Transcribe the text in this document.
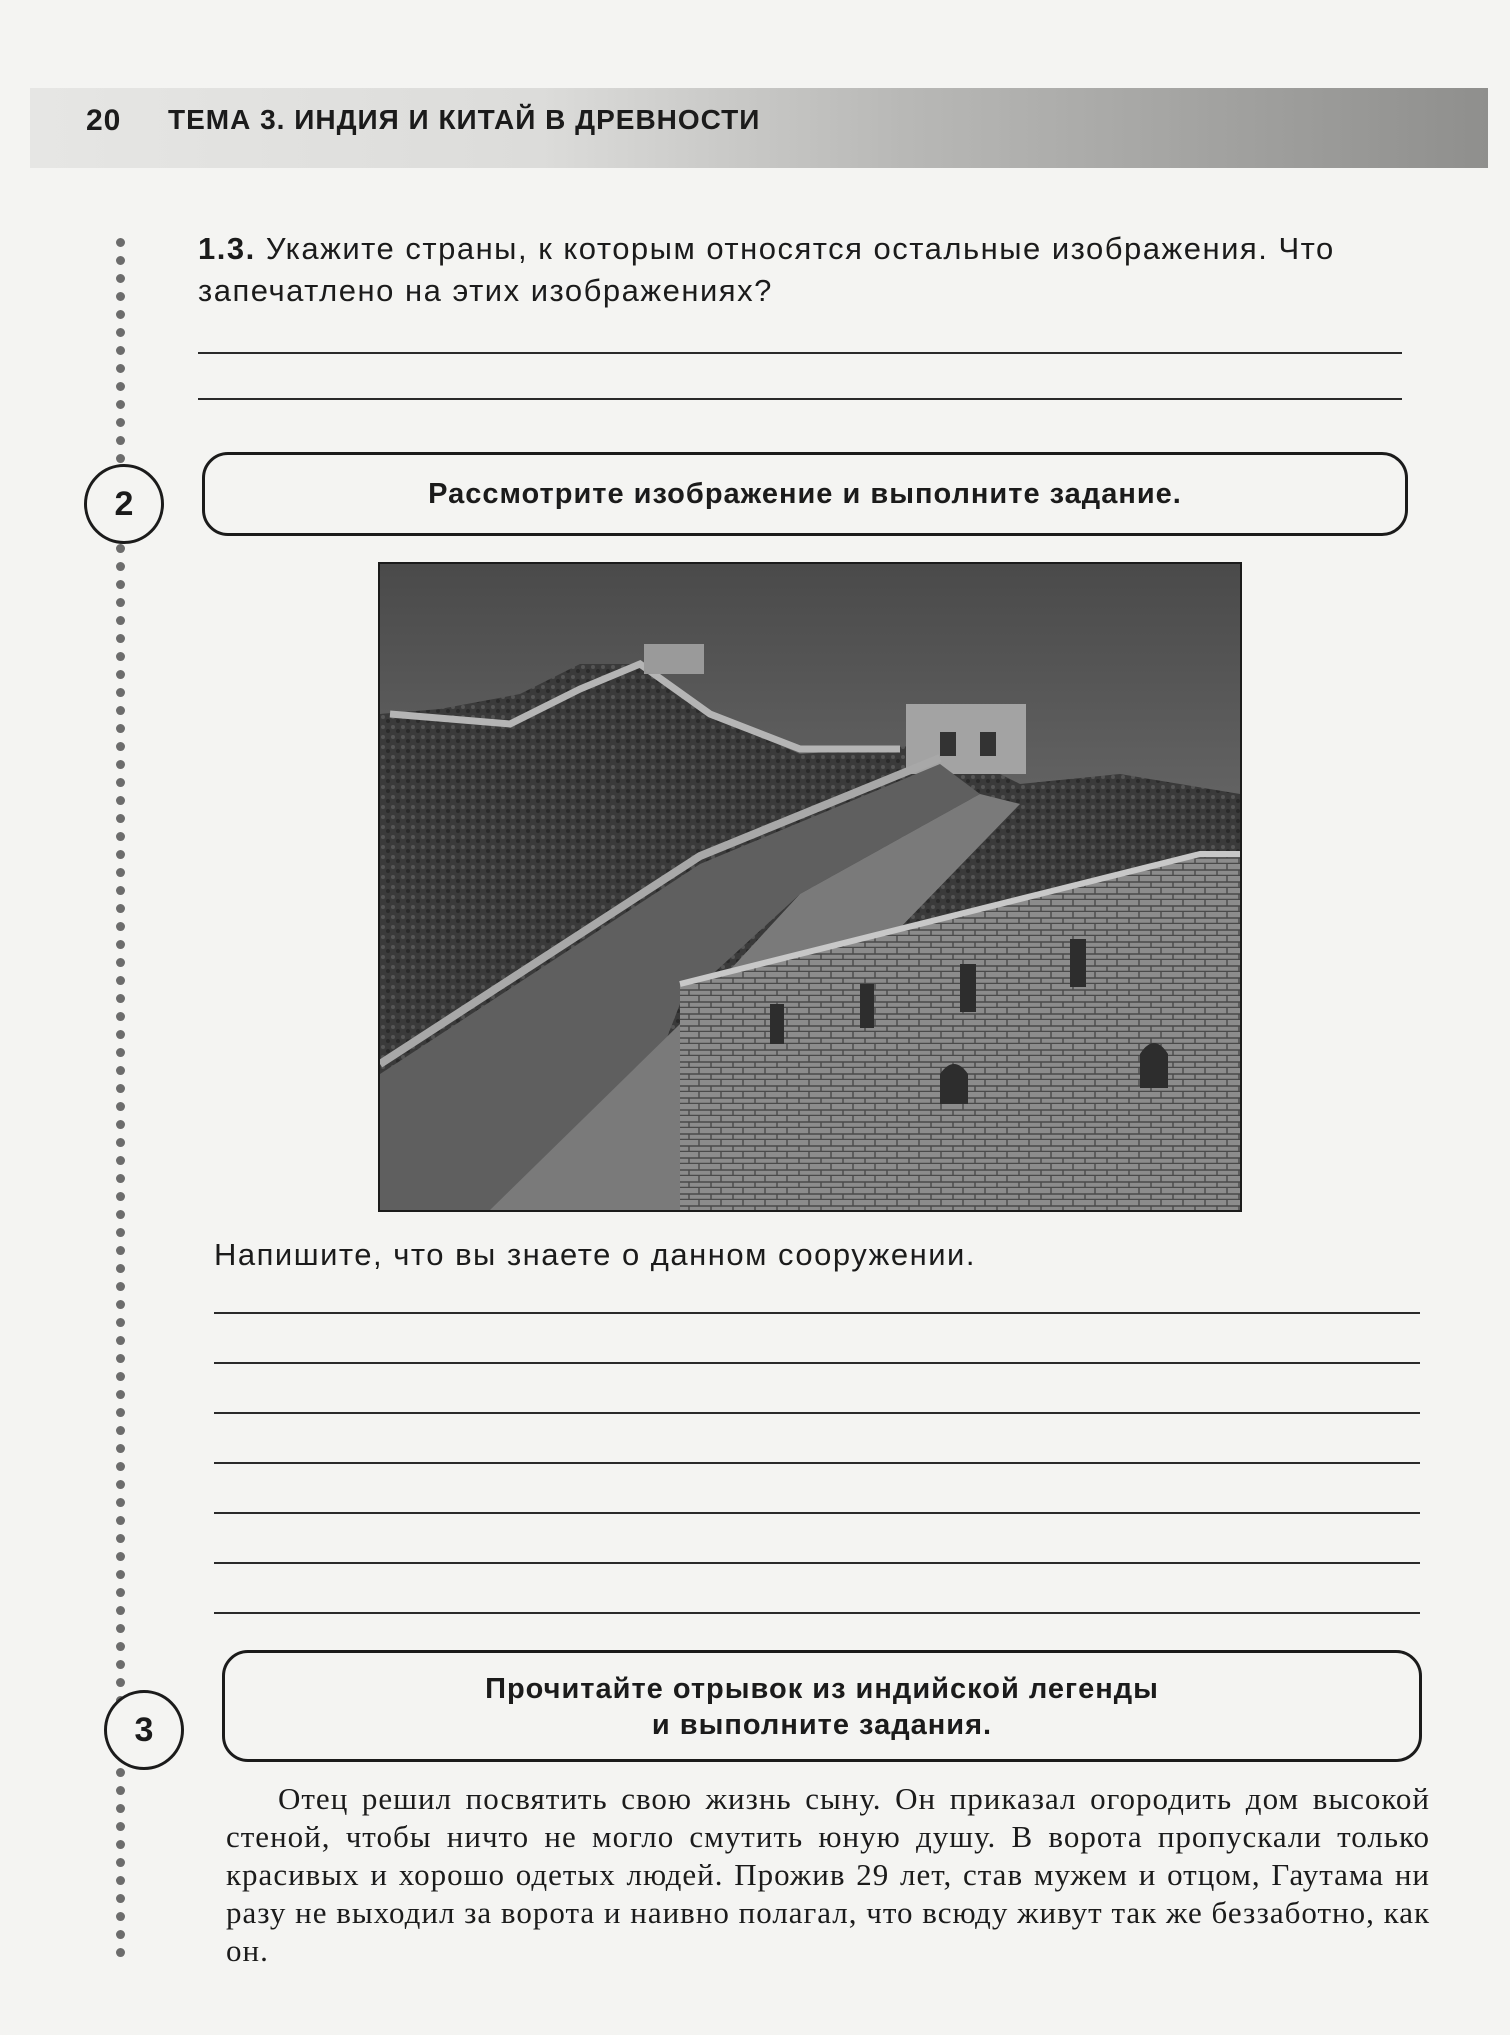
20 ТЕМА 3. ИНДИЯ И КИТАЙ В ДРЕВНОСТИ
1.3. Укажите страны, к которым относятся остальные изображения. Что запечатлено на этих изображениях?
2	Рассмотрите изображение и выполните задание.
Напишите, что вы знаете о данном сооружении.
3
Прочитайте отрывок из индийской легенды
и выполните задания.
Отец решил посвятить свою жизнь сыну. Он приказал огородить дом высокой стеной, чтобы ничто не могло смутить юную душу. В ворота пропускали только красивых и хорошо одетых людей. Прожив 29 лет, став мужем и отцом, Гаутама ни разу не выходил за ворота и наивно полагал, что всюду живут так же беззаботно, как он.
